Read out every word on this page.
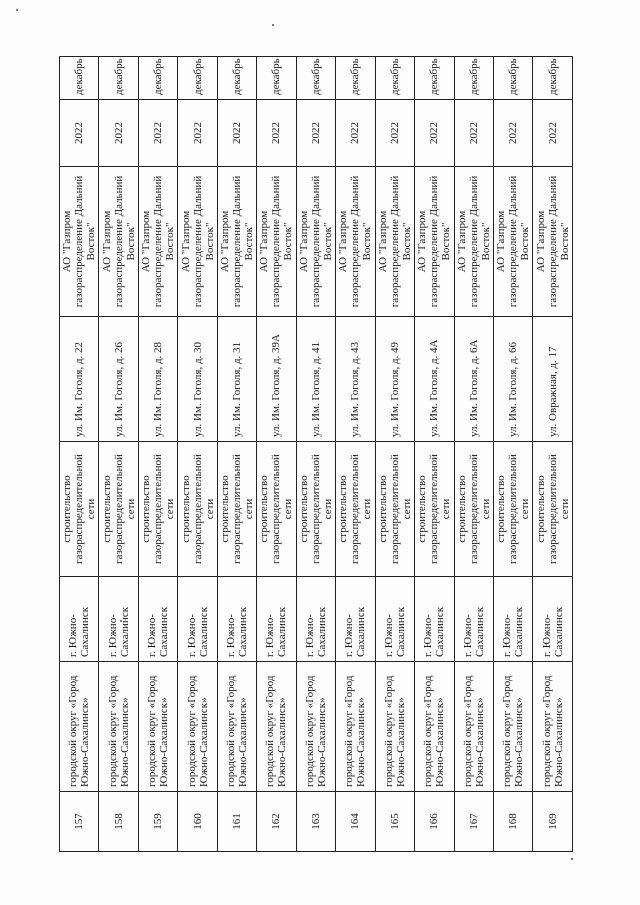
157	городской округ «Город Южно-Сахалинск»	г. Южно-Сахалинск	строительство газораспределительной сети	ул. Им. Гоголя, д. 22	АО "Газпром газораспределение Дальний Восток"	2022	декабрь
158	городской округ «Город Южно-Сахалинск»	г. Южно-Сахалинск	строительство газораспределительной сети	ул. Им. Гоголя, д. 26	АО "Газпром газораспределение Дальний Восток"	2022	декабрь
159	городской округ «Город Южно-Сахалинск»	г. Южно-Сахалинск	строительство газораспределительной сети	ул. Им. Гоголя, д. 28	АО "Газпром газораспределение Дальний Восток"	2022	декабрь
160	городской округ «Город Южно-Сахалинск»	г. Южно-Сахалинск	строительство газораспределительной сети	ул. Им. Гоголя, д. 30	АО "Газпром газораспределение Дальний Восток"	2022	декабрь
161	городской округ «Город Южно-Сахалинск»	г. Южно-Сахалинск	строительство газораспределительной сети	ул. Им. Гоголя, д. 31	АО "Газпром газораспределение Дальний Восток"	2022	декабрь
162	городской округ «Город Южно-Сахалинск»	г. Южно-Сахалинск	строительство газораспределительной сети	ул. Им. Гоголя, д. 39А	АО "Газпром газораспределение Дальний Восток"	2022	декабрь
163	городской округ «Город Южно-Сахалинск»	г. Южно-Сахалинск	строительство газораспределительной сети	ул. Им. Гоголя, д. 41	АО "Газпром газораспределение Дальний Восток"	2022	декабрь
164	городской округ «Город Южно-Сахалинск»	г. Южно-Сахалинск	строительство газораспределительной сети	ул. Им. Гоголя, д. 43	АО "Газпром газораспределение Дальний Восток"	2022	декабрь
165	городской округ «Город Южно-Сахалинск»	г. Южно-Сахалинск	строительство газораспределительной сети	ул. Им. Гоголя, д. 49	АО "Газпром газораспределение Дальний Восток"	2022	декабрь
166	городской округ «Город Южно-Сахалинск»	г. Южно-Сахалинск	строительство газораспределительной сети	ул. Им. Гоголя, д. 4А	АО "Газпром газораспределение Дальний Восток"	2022	декабрь
167	городской округ «Город Южно-Сахалинск»	г. Южно-Сахалинск	строительство газораспределительной сети	ул. Им. Гоголя, д. 6А	АО "Газпром газораспределение Дальний Восток"	2022	декабрь
168	городской округ «Город Южно-Сахалинск»	г. Южно-Сахалинск	строительство газораспределительной сети	ул. Им. Гоголя, д. 66	АО "Газпром газораспределение Дальний Восток"	2022	декабрь
169	городской округ «Город Южно-Сахалинск»	г. Южно-Сахалинск	строительство газораспределительной сети	ул. Овражная, д. 17	АО "Газпром газораспределение Дальний Восток"	2022	декабрь
